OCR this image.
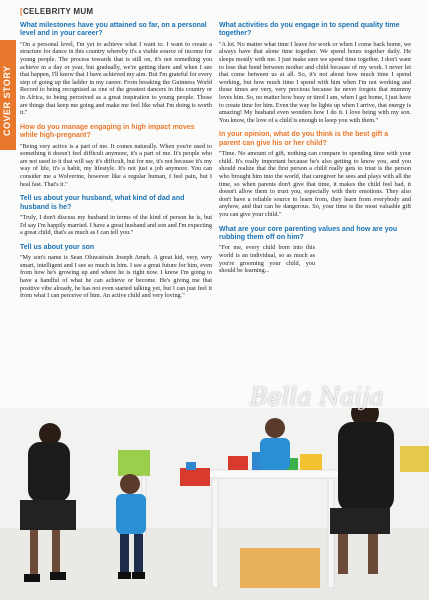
COVER STORY
[CELEBRITY MUM

What milestones have you attained so far, on a personal level and in your career?

"On a personal level, I'm yet to achieve what I want to. I want to create a structure for dance in this country whereby it's a viable source of income for young people. The process towards that is still on, it's not something you achieve in a day or year, but gradually, we're getting there and when I see that happen, I'll know that I have achieved my aim. But I'm grateful for every step of going up the ladder in my career. From breaking the Guinness World Record to being recognised as one of the greatest dancers in this country or in Africa, to being perceived as a great inspiration to young people. Those are things that keep me going and make me feel like what I'm doing is worth it."

How do you manage engaging in high impact moves while high-pregnant?

"Being very active is a part of me. It comes naturally. When you're used to something it doesn't feel difficult anymore, it's a part of me. It's people who are not used to it that will say it's difficult, but for me, it's not because it's my way of life, it's a habit, my lifestyle. It's not just a job anymore. You can consider me a Wolverine, however like a regular human, I feel pain, but I heal fast. That's it."

Tell us about your husband, what kind of dad and husband is he?

"Truly, I don't discuss my husband in terms of the kind of person he is, but I'd say I'm happily married. I have a great husband and son and I'm expecting a great child, that's as much as I can tell you."

Tell us about your son

"My son's name is Sean Oluwatosin Joseph Ameh. A great kid, very, very smart, intelligent and I see so much in him. I see a great future for him, even from how he's growing up and where he is right now. I know I'm going to have a handful of what he can achieve or become. He's giving me that positive vibe already, he has not even started talking yet, but I can just feel it from what I can perceive of him. An active child and very loving."

What activities do you engage in to spend quality time together?

"A lot. No matter what time I leave for work or when I come back home, we always have that alone time together. We spend hours together daily. He sleeps mostly with me. I just make sure we spend time together. I don't want to lose that bond between mother and child because of my work. I never let that come between us at all. So, it's not about how much time I spend working, but how much time I spend with him when I'm not working and those times are very, very precious because he never forgets that mummy loves him. So, no matter how busy or tired I am, when I get home, I just have to create time for him. Even the way he lights up when I arrive, that energy is amazing! My husband even wonders how I do it. I love being with my son. You know, the love of a child is enough to keep you with them."

In your opinion, what do you think is the best gift a parent can give his or her child?

"Time. No amount of gift, nothing can compare to spending time with your child. It's really important because he's also getting to know you, and you should realize that the first person a child really gets to trust is the person who brought him into the world, that caregiver he sees and plays with all the time, so when parents don't give that time, it makes the child feel bad, it doesn't allow them to trust you, especially with their emotions. They also don't have a reliable source to learn from, they learn from everybody and anyhow, and that can be dangerous. So, your time is the most valuable gift you can give your child."

What are your core parenting values and how are you rubbing them off on him?

"For me, every child born into this world is an individual, so as much as you're grooming your child, you should be learning...

Bella Naija
